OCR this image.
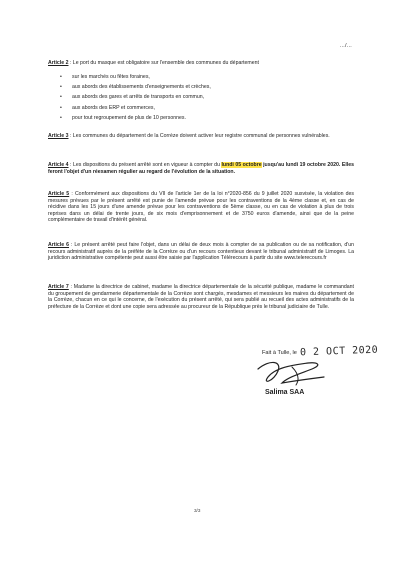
…/…
Article 2 : Le port du masque est obligatoire sur l'ensemble des communes du département
• sur les marchés ou fêtes foraines,
• aux abords des établissements d'enseignements et crèches,
• aux abords des gares et arrêts de transports en commun,
• aux abords des ERP et commerces,
• pour tout regroupement de plus de 10 personnes.
Article 3 : Les communes du département de la Corrèze doivent activer leur registre communal de personnes vulnérables.
Article 4 : Les dispositions du présent arrêté sont en vigueur à compter du lundi 05 octobre jusqu'au lundi 19 octobre 2020. Elles feront l'objet d'un réexamen régulier au regard de l'évolution de la situation.
Article 5 : Conformément aux dispositions du VII de l'article 1er de la loi n°2020-856 du 9 juillet 2020 susvisée, la violation des mesures prévues par le présent arrêté est punie de l'amende prévue pour les contraventions de la 4ème classe et, en cas de récidive dans les 15 jours d'une amende prévue pour les contraventions de 5ème classe, ou en cas de violation à plus de trois reprises dans un délai de trente jours, de six mois d'emprisonnement et de 3750 euros d'amende, ainsi que de la peine complémentaire de travail d'intérêt général.
Article 6 : Le présent arrêté peut faire l'objet, dans un délai de deux mois à compter de sa publication ou de sa notification, d'un recours administratif auprès de la préfète de la Corrèze ou d'un recours contentieux devant le tribunal administratif de Limoges. La juridiction administrative compétente peut aussi être saisie par l'application Télérecours à partir du site www.telerecours.fr
Article 7 : Madame la directrice de cabinet, madame la directrice départementale de la sécurité publique, madame le commandant du groupement de gendarmerie départementale de la Corrèze sont chargés, mesdames et messieurs les maires du département de la Corrèze, chacun en ce qui le concerne, de l'exécution du présent arrêté, qui sera publié au recueil des actes administratifs de la préfecture de la Corrèze et dont une copie sera adressée au procureur de la République près le tribunal judiciaire de Tulle.
Fait à Tulle, le 0 2 OCT 2020
Salima SAA
3/3
